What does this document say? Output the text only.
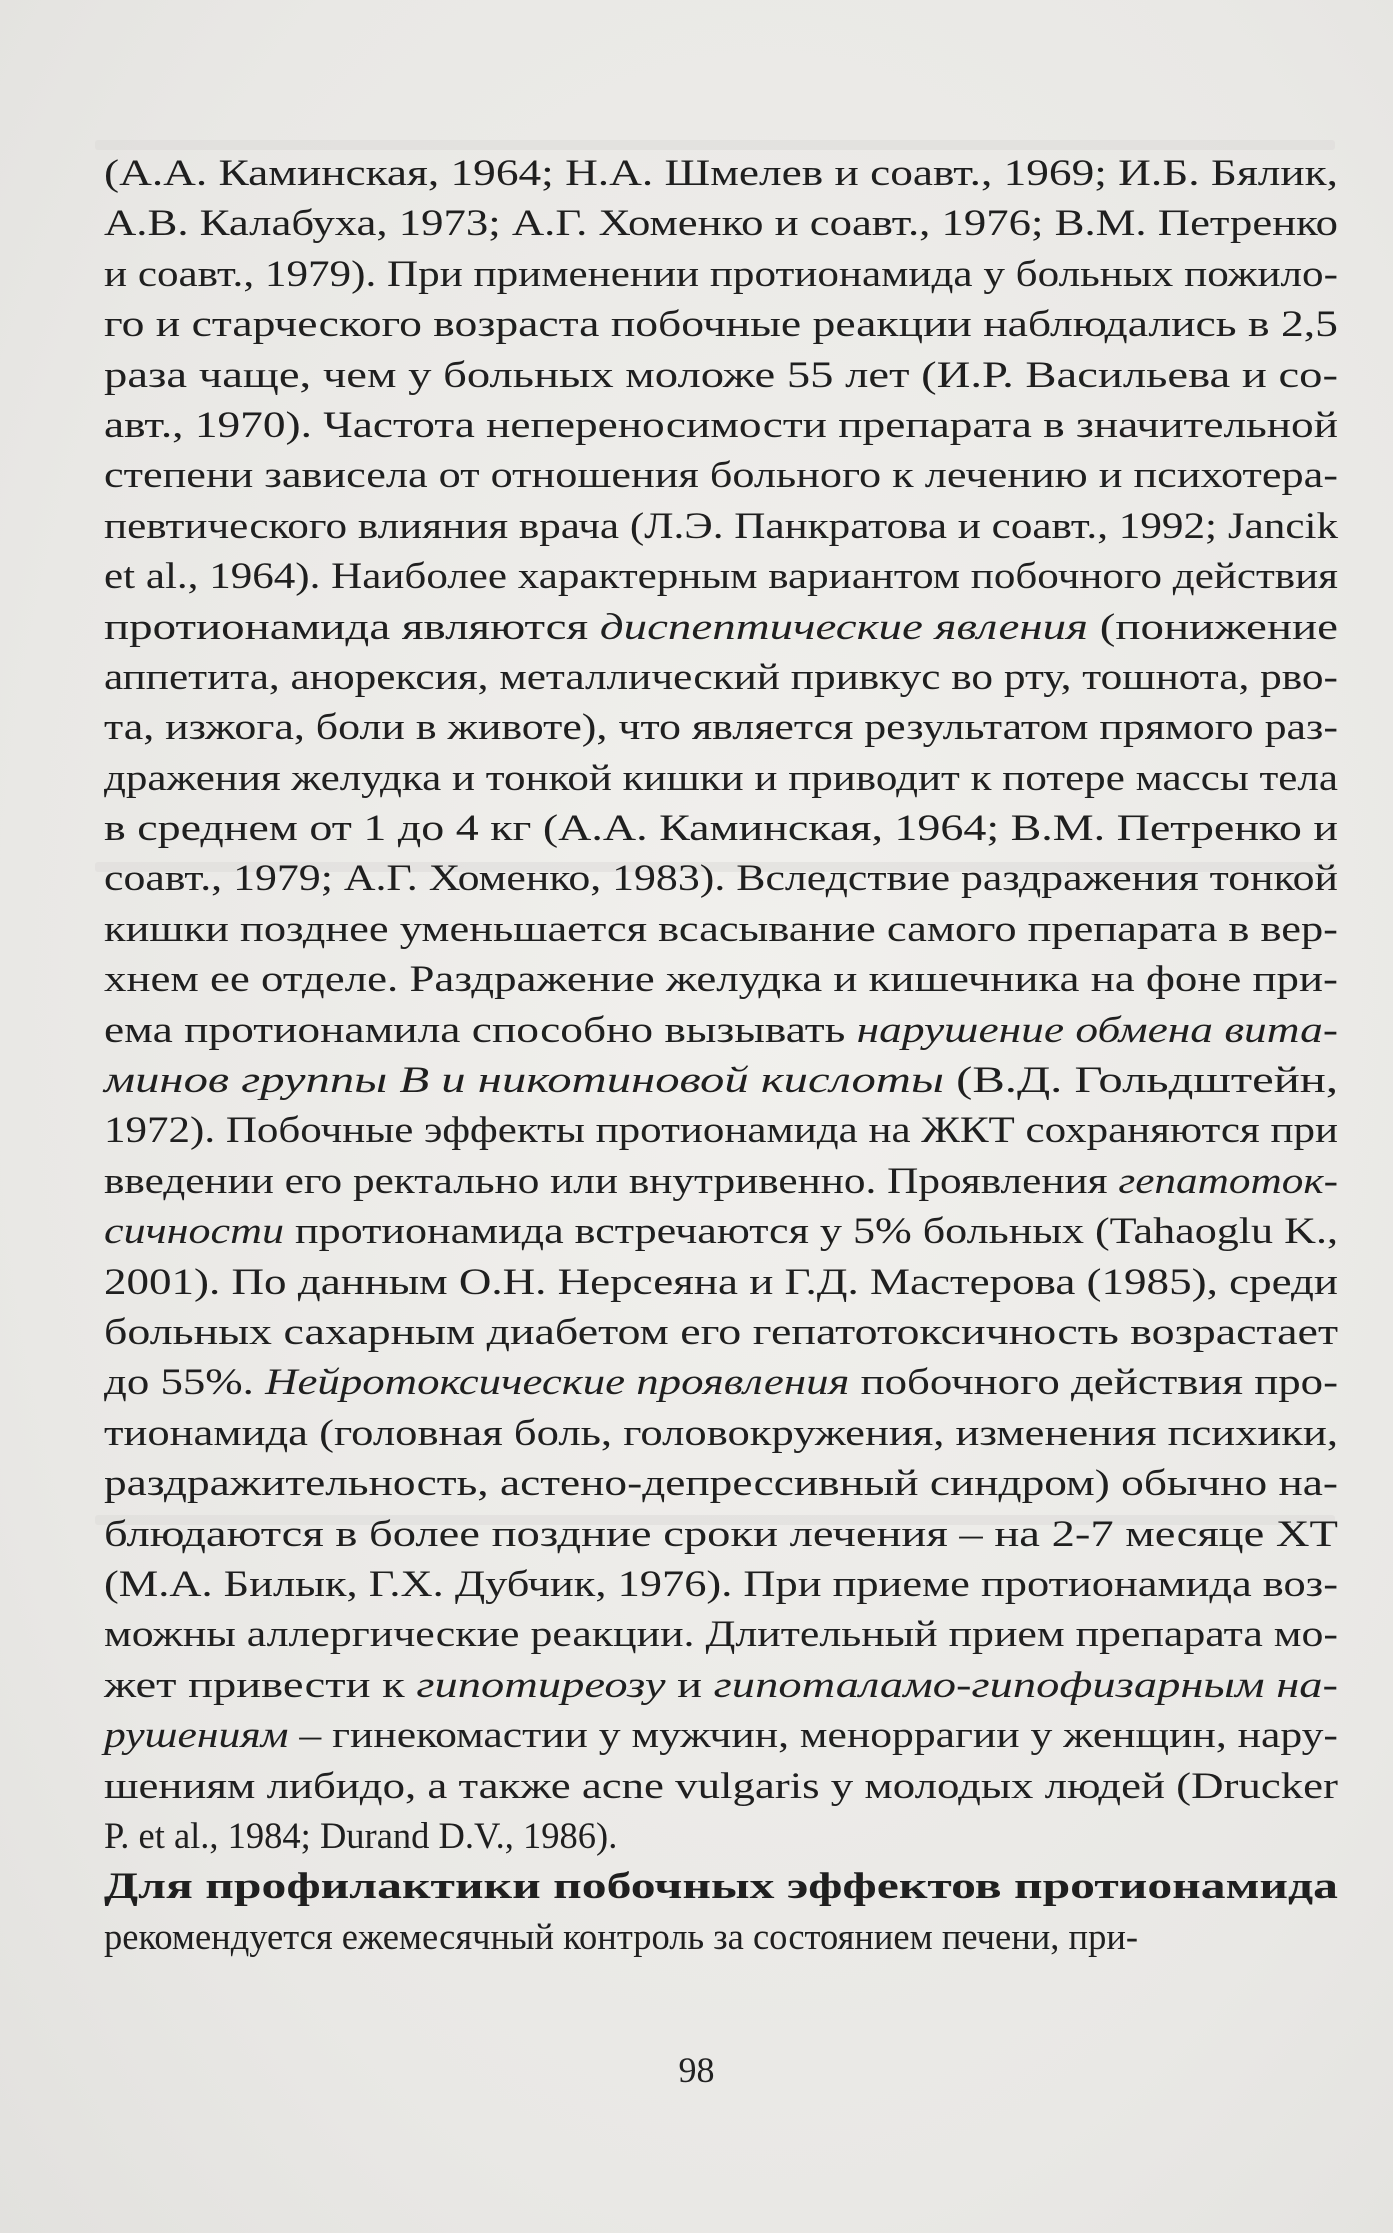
(А.А. Каминская, 1964; Н.А. Шмелев и соавт., 1969; И.Б. Бялик,
А.В. Калабуха, 1973; А.Г. Хоменко и соавт., 1976; В.М. Петренко
и соавт., 1979). При применении протионамида у больных пожило-
го и старческого возраста побочные реакции наблюдались в 2,5
раза чаще, чем у больных моложе 55 лет (И.Р. Васильева и со-
авт., 1970). Частота непереносимости препарата в значительной
степени зависела от отношения больного к лечению и психотера-
певтического влияния врача (Л.Э. Панкратова и соавт., 1992; Jancik
et al., 1964). Наиболее характерным вариантом побочного действия
протионамида являются диспептические явления (понижение
аппетита, анорексия, металлический привкус во рту, тошнота, рво-
та, изжога, боли в животе), что является результатом прямого раз-
дражения желудка и тонкой кишки и приводит к потере массы тела
в среднем от 1 до 4 кг (А.А. Каминская, 1964; В.М. Петренко и
соавт., 1979; А.Г. Хоменко, 1983). Вследствие раздражения тонкой
кишки позднее уменьшается всасывание самого препарата в вер-
хнем ее отделе. Раздражение желудка и кишечника на фоне при-
ема протионамила способно вызывать нарушение обмена вита-
минов группы В и никотиновой кислоты (В.Д. Гольдштейн,
1972). Побочные эффекты протионамида на ЖКТ сохраняются при
введении его ректально или внутривенно. Проявления гепатоток-
сичности протионамида встречаются у 5% больных (Tahaoglu K.,
2001). По данным О.Н. Нерсеяна и Г.Д. Мастерова (1985), среди
больных сахарным диабетом его гепатотоксичность возрастает
до 55%. Нейротоксические проявления побочного действия про-
тионамида (головная боль, головокружения, изменения психики,
раздражительность, астено-депрессивный синдром) обычно на-
блюдаются в более поздние сроки лечения – на 2-7 месяце ХТ
(М.А. Билык, Г.Х. Дубчик, 1976). При приеме протионамида воз-
можны аллергические реакции. Длительный прием препарата мо-
жет привести к гипотиреозу и гипоталамо-гипофизарным на-
рушениям – гинекомастии у мужчин, меноррагии у женщин, нару-
шениям либидо, а также acne vulgaris у молодых людей (Drucker
P. et al., 1984; Durand D.V., 1986).
Для профилактики побочных эффектов протионамида
рекомендуется ежемесячный контроль за состоянием печени, при-
98
